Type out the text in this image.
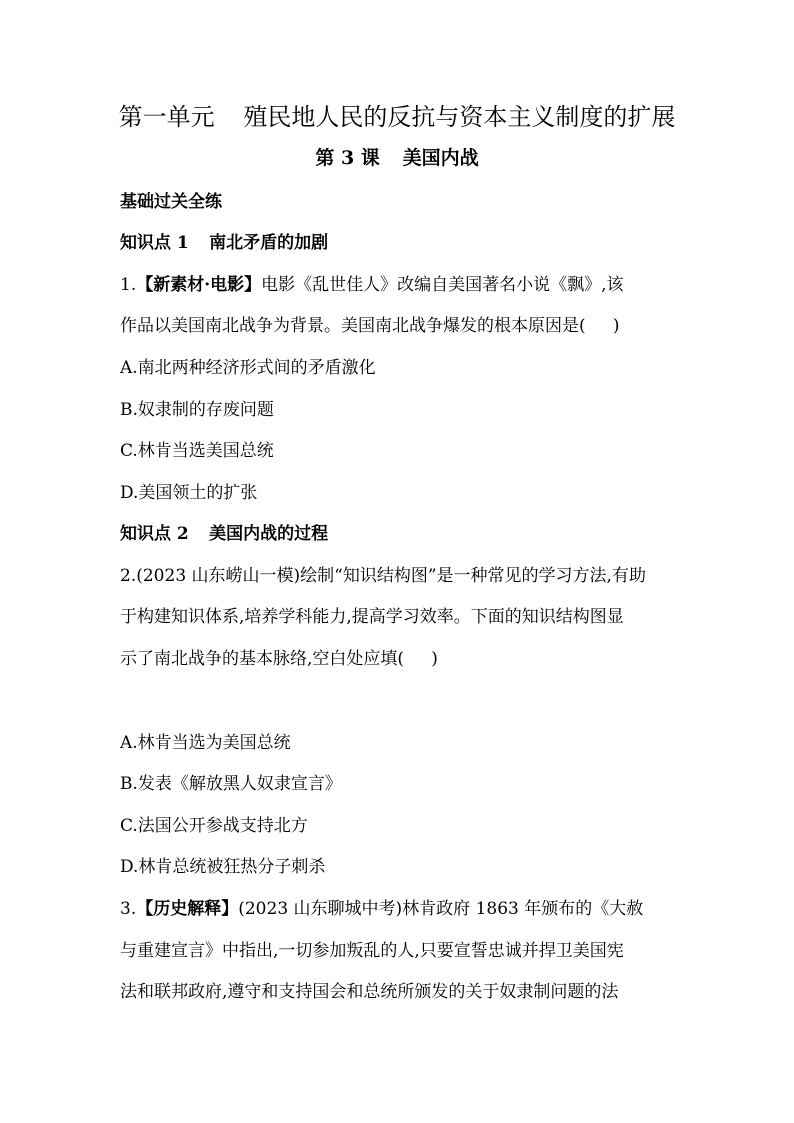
第一单元 殖民地人民的反抗与资本主义制度的扩展
第 3 课 美国内战
基础过关全练
知识点 1 南北矛盾的加剧
1.【新素材·电影】电影《乱世佳人》改编自美国著名小说《飘》,该
作品以美国南北战争为背景。美国南北战争爆发的根本原因是( )
A.南北两种经济形式间的矛盾激化
B.奴隶制的存废问题
C.林肯当选美国总统
D.美国领土的扩张
知识点 2 美国内战的过程
2.(2023 山东崂山一模)绘制“知识结构图”是一种常见的学习方法,有助
于构建知识体系,培养学科能力,提高学习效率。下面的知识结构图显
示了南北战争的基本脉络,空白处应填( )
A.林肯当选为美国总统
B.发表《解放黑人奴隶宣言》
C.法国公开参战支持北方
D.林肯总统被狂热分子刺杀
3.【历史解释】(2023 山东聊城中考)林肯政府 1863 年颁布的《大赦
与重建宣言》中指出,一切参加叛乱的人,只要宣誓忠诚并捍卫美国宪
法和联邦政府,遵守和支持国会和总统所颁发的关于奴隶制问题的法
